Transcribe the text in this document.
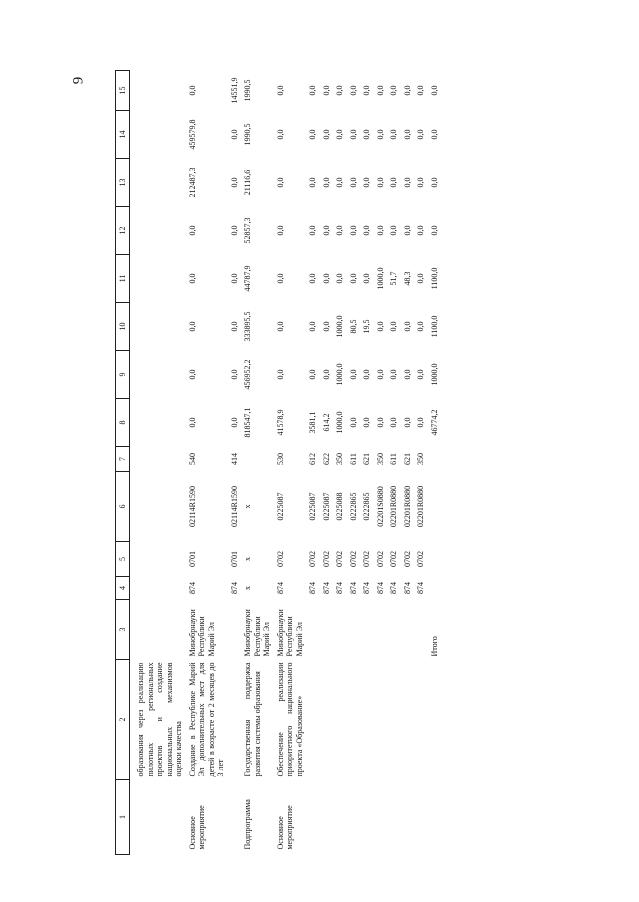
9
1	2	3	4	5	6	7	8	9	10	11	12	13	14	15

	образования через реализацию пилотных региональных проектов и создание национальных механизмов оценки качества													
Основное мероприятие	Создание в Республике Марий Эл дополнительных мест для детей в возрасте от 2 месяцев до 3 лет	Минобрнауки Республики Марий Эл	874	0701	02114R1590	540	0,0	0,0	0,0	0,0	0,0	212487,3	459579,8	0,0
			874	0701	02114R1590	414	0,0	0,0	0,0	0,0	0,0	0,0	0,0	14551,9
Подпрограмма	Государственная поддержка развития системы образования	Минобрнауки Республики Марий Эл	x	x	x		818547,1	456952,2	333895,5	44787,9	52857,3	21116,6	1990,5	1990,5
Основное мероприятие	Обеспечение реализации приоритетного национального проекта «Образование»	Минобрнауки Республики Марий Эл	874	0702	0225087	530	41578,9	0,0	0,0	0,0	0,0	0,0	0,0	0,0
			874	0702	0225087	612	3581,1	0,0	0,0	0,0	0,0	0,0	0,0	0,0
			874	0702	0225087	622	614,2	0,0	0,0	0,0	0,0	0,0	0,0	0,0
			874	0702	0225088	350	1000,0	1000,0	1000,0	0,0	0,0	0,0	0,0	0,0
			874	0702	0222865	611	0,0	0,0	80,5	0,0	0,0	0,0	0,0	0,0
			874	0702	0222865	621	0,0	0,0	19,5	0,0	0,0	0,0	0,0	0,0
			874	0702	02201S0880	350	0,0	0,0	0,0	1000,0	0,0	0,0	0,0	0,0
			874	0702	02201R0880	611	0,0	0,0	0,0	51,7	0,0	0,0	0,0	0,0
			874	0702	02201R0880	621	0,0	0,0	0,0	48,3	0,0	0,0	0,0	0,0
			874	0702	02201R0880	350	0,0	0,0	0,0	0,0	0,0	0,0	0,0	0,0
		Итого					46774,2	1000,0	1100,0	1100,0	0,0	0,0	0,0	0,0
